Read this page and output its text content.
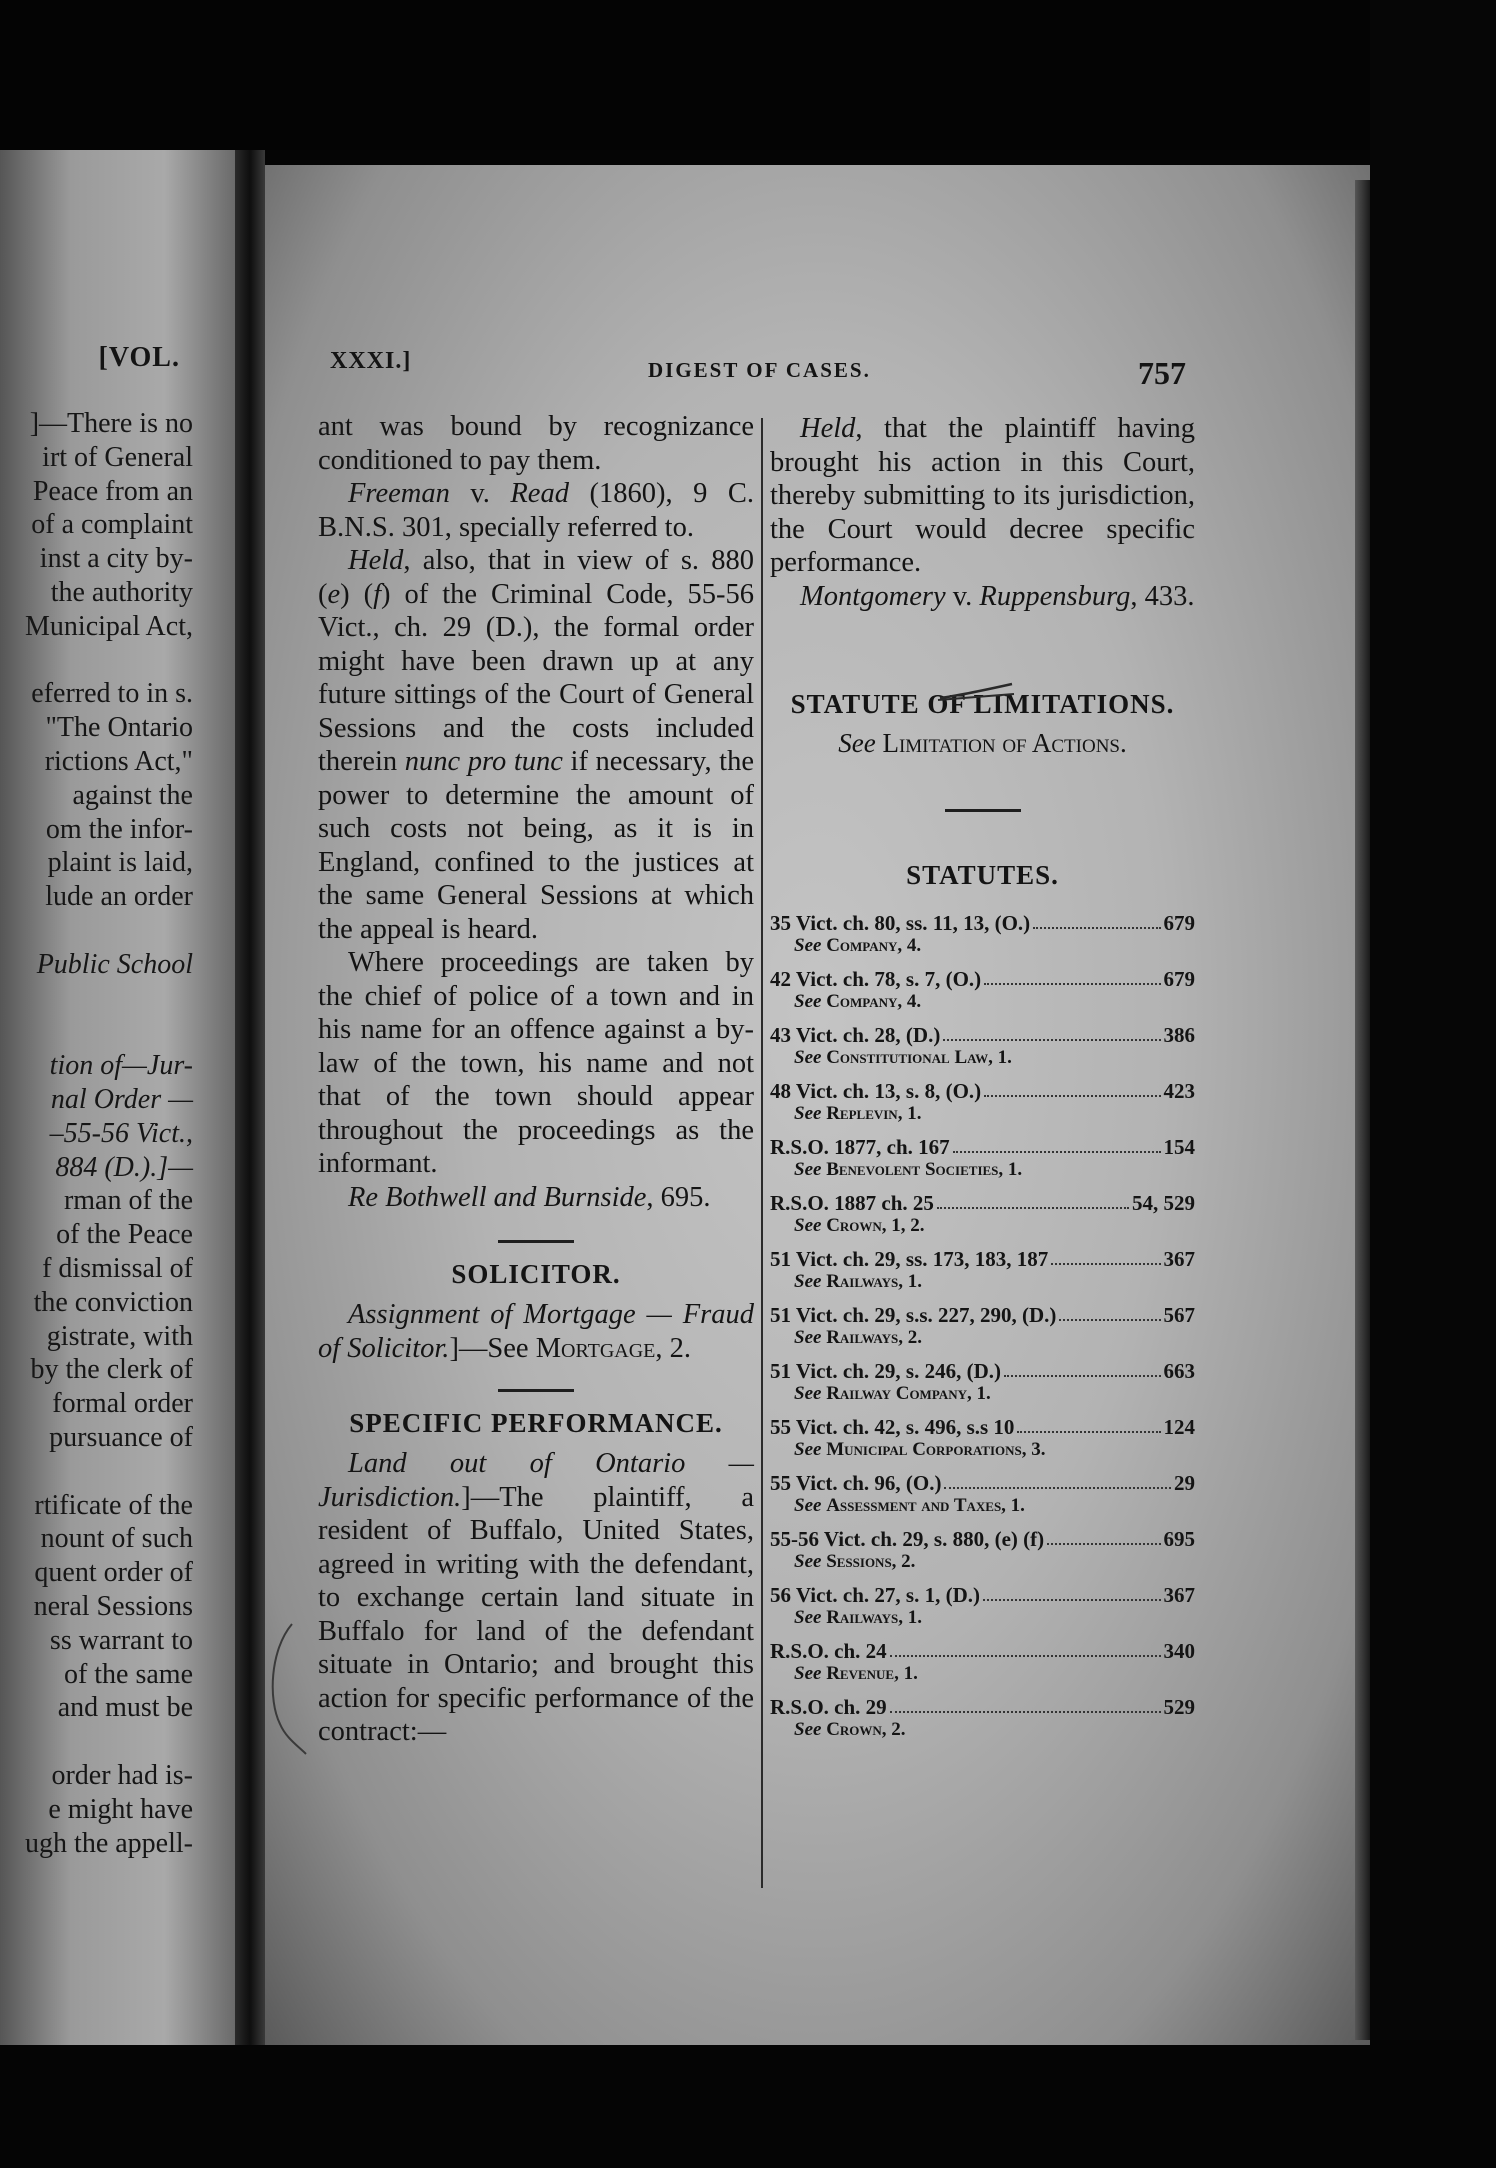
[VOL.
]—There is no
irt of General
Peace from an
of a complaint
inst a city by-
the authority
Municipal Act,
eferred to in s.
"The Ontario
rictions Act,"
against the
om the infor-
plaint is laid,
lude an order
Public School
tion of—Jur-
nal Order —
–55-56 Vict.,
884 (D.).]—
rman of the
of the Peace
f dismissal of
the conviction
gistrate, with
by the clerk of
formal order
pursuance of
rtificate of the
nount of such
quent order of
neral Sessions
ss warrant to
of the same
and must be
order had is-
e might have
ugh the appell-
XXXI.]	DIGEST OF CASES.	757

ant was bound by recognizance conditioned to pay them.

Freeman v. Read (1860), 9 C. B.N.S. 301, specially referred to.

Held, also, that in view of s. 880 (e) (f) of the Criminal Code, 55-56 Vict., ch. 29 (D.), the formal order might have been drawn up at any future sittings of the Court of General Sessions and the costs included therein nunc pro tunc if necessary, the power to determine the amount of such costs not being, as it is in England, confined to the justices at the same General Sessions at which the appeal is heard.

Where proceedings are taken by the chief of police of a town and in his name for an offence against a by-law of the town, his name and not that of the town should appear throughout the proceedings as the informant.

Re Bothwell and Burnside, 695.

SOLICITOR.

Assignment of Mortgage — Fraud of Solicitor.]—See Mortgage, 2.

SPECIFIC PERFORMANCE.

Land out of Ontario — Jurisdiction.]—The plaintiff, a resident of Buffalo, United States, agreed in writing with the defendant, to exchange certain land situate in Buffalo for land of the defendant situate in Ontario; and brought this action for specific performance of the contract:—

Held, that the plaintiff having brought his action in this Court, thereby submitting to its jurisdiction, the Court would decree specific performance.

Montgomery v. Ruppensburg, 433.

STATUTE OF LIMITATIONS.

See Limitation of Actions.

STATUTES.

35 Vict. ch. 80, ss. 11, 13, (O.)	679
See Company, 4.
42 Vict. ch. 78, s. 7, (O.)	679
See Company, 4.
43 Vict. ch. 28, (D.)	386
See Constitutional Law, 1.
48 Vict. ch. 13, s. 8, (O.)	423
See Replevin, 1.
R.S.O. 1877, ch. 167	154
See Benevolent Societies, 1.
R.S.O. 1887 ch. 25	54, 529
See Crown, 1, 2.
51 Vict. ch. 29, ss. 173, 183, 187	367
See Railways, 1.
51 Vict. ch. 29, s.s. 227, 290, (D.)	567
See Railways, 2.
51 Vict. ch. 29, s. 246, (D.)	663
See Railway Company, 1.
55 Vict. ch. 42, s. 496, s.s 10	124
See Municipal Corporations, 3.
55 Vict. ch. 96, (O.)	29
See Assessment and Taxes, 1.
55-56 Vict. ch. 29, s. 880, (e) (f)	695
See Sessions, 2.
56 Vict. ch. 27, s. 1, (D.)	367
See Railways, 1.
R.S.O. ch. 24	340
See Revenue, 1.
R.S.O. ch. 29	529
See Crown, 2.
